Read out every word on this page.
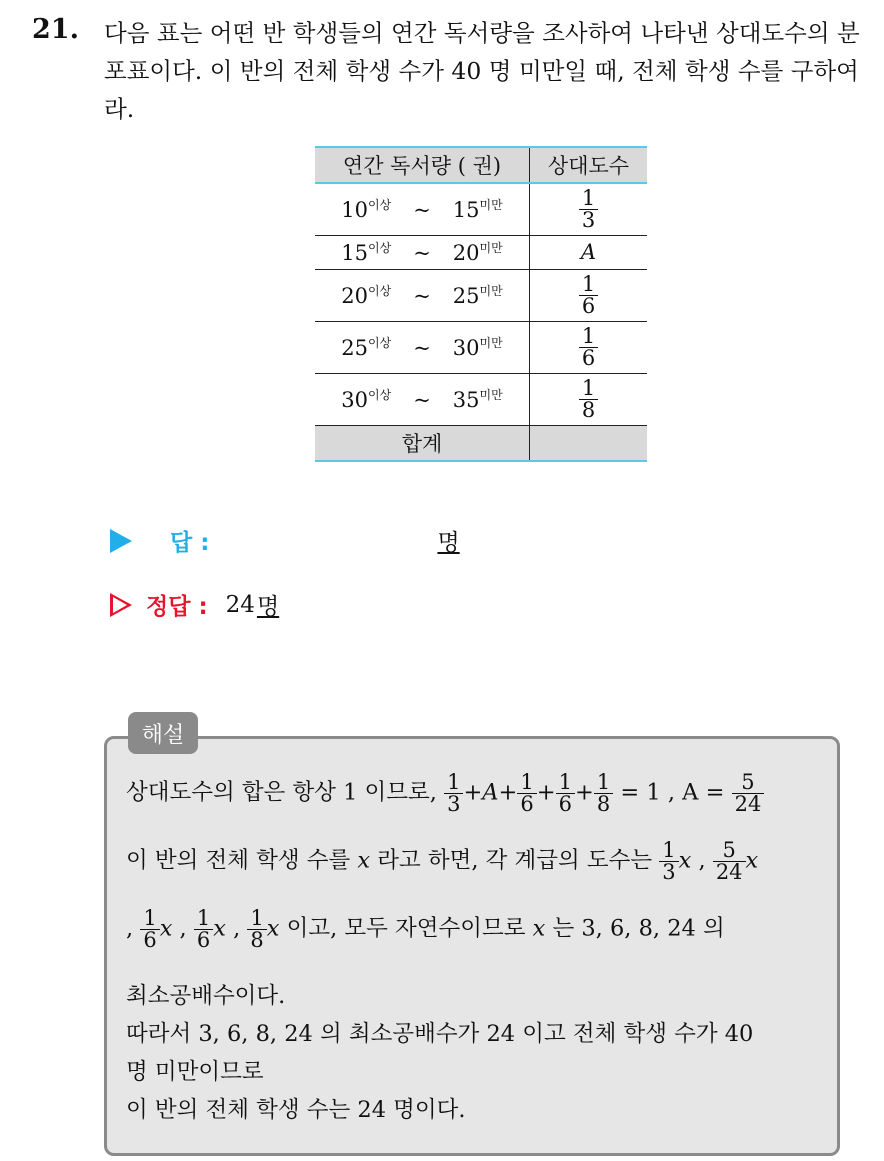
21. 다음 표는 어떤 반 학생들의 연간 독서량을 조사하여 나타낸 상대도수의 분포표이다. 이 반의 전체 학생 수가 40 명 미만일 때, 전체 학생 수를 구하여라.
연간 독서량 ( 권)	상대도수

$10^{이상}$ ~ $15^{미만}$	$\frac{1}{3}$

$15^{이상}$ ~ $20^{미만}$	A

$20^{이상}$ ~ $25^{미만}$	$\frac{1}{6}$

$25^{이상}$ ~ $30^{미만}$	$\frac{1}{6}$

$30^{이상}$ ~ $35^{미만}$	$\frac{1}{8}$

합계	
답 :	명
정답 : 24 명
해설
상대도수의 합은 항상 1 이므로, $\frac{1}{3} +A+ \frac{1}{6} + \frac{1}{6} + \frac{1}{8} = 1$ , $A = \frac{5}{24}$
이 반의 전체 학생 수를 x 라고 하면, 각 계급의 도수는 $\frac{1}{3}$ x , $\frac{5}{24}$ x
, $\frac{1}{6}$ x , $\frac{1}{6}$ x , $\frac{1}{8}$ x 이고, 모두 자연수이므로 x 는 3, 6, 8, 24 의
최소공배수이다.
따라서 3, 6, 8, 24 의 최소공배수가 24 이고 전체 학생 수가 40
명 미만이므로
이 반의 전체 학생 수는 24 명이다.
